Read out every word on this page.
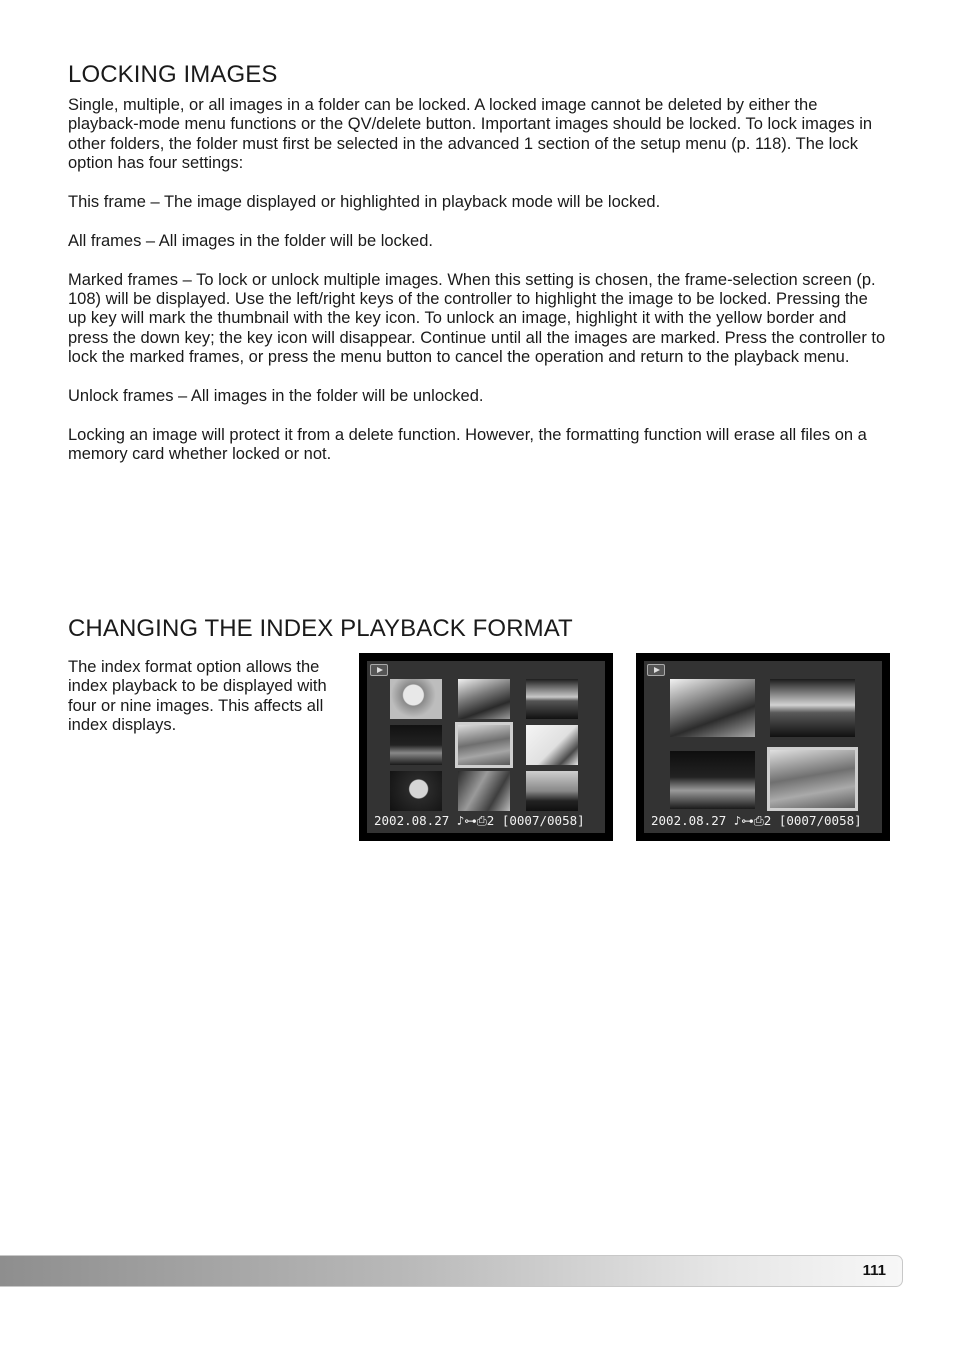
LOCKING IMAGES

Single, multiple, or all images in a folder can be locked. A locked image cannot be deleted by either the playback-mode menu functions or the QV/delete button. Important images should be locked. To lock images in other folders, the folder must first be selected in the advanced 1 section of the setup menu (p. 118). The lock option has four settings:

This frame – The image displayed or highlighted in playback mode will be locked.

All frames – All images in the folder will be locked.

Marked frames – To lock or unlock multiple images. When this setting is chosen, the frame-selection screen (p. 108) will be displayed. Use the left/right keys of the controller to highlight the image to be locked. Pressing the up key will mark the thumbnail with the key icon. To unlock an image, highlight it with the yellow border and press the down key; the key icon will disappear. Continue until all the images are marked. Press the controller to lock the marked frames, or press the menu button to cancel the operation and return to the playback menu.

Unlock frames – All images in the folder will be unlocked.

Locking an image will protect it from a delete function. However, the formatting function will erase all files on a memory card whether locked or not.

CHANGING THE INDEX PLAYBACK FORMAT
The index format option allows the index playback to be displayed with four or nine images. This affects all index displays.
2002.08.27 ♪⊶⎙2 [0007/0058]	2002.08.27 ♪⊶⎙2 [0007/0058]
111
